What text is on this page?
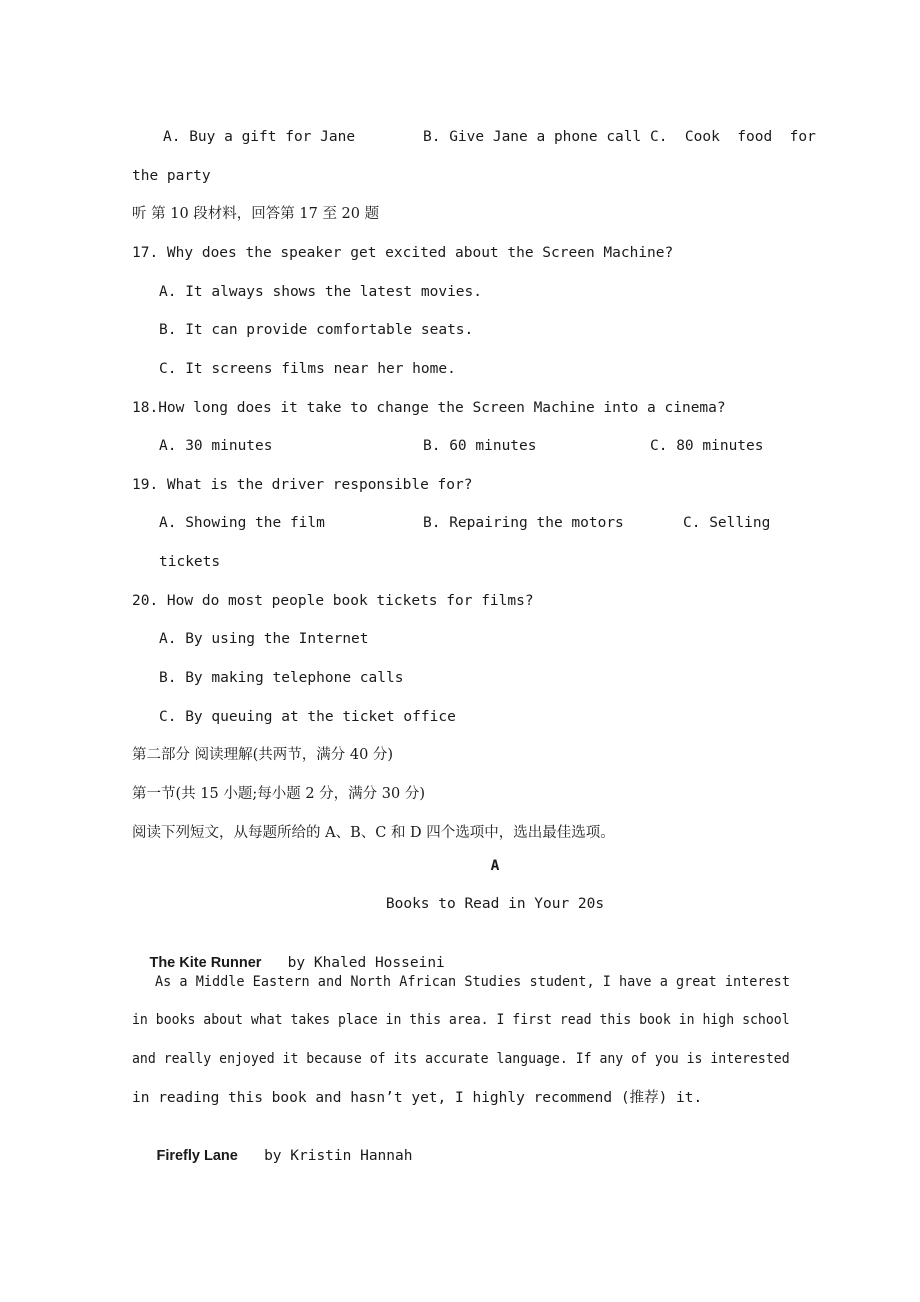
A. Buy a gift for Jane	B. Give Jane a phone call C.  Cook  food  for
the party
听 第 10 段材料，回答第 17 至 20 题
17. Why does the speaker get excited about the Screen Machine?
A. It always shows the latest movies.
B. It can provide comfortable seats.
C. It screens films near her home.
18.How long does it take to change the Screen Machine into a cinema?
A. 30 minutes	B. 60 minutes	C. 80 minutes
19. What is the driver responsible for?
A. Showing the film	B. Repairing the motors	C. Selling
tickets
20. How do most people book tickets for films?
A. By using the Internet
B. By making telephone calls
C. By queuing at the ticket office
第二部分 阅读理解(共两节，满分 40 分)
第一节(共 15 小题;每小题 2 分，满分 30 分)
阅读下列短文，从每题所给的 A、B、C 和 D 四个选项中，选出最佳选项。
A
Books to Read in Your 20s

The Kite Runner by Khaled Hosseini

As a Middle Eastern and North African Studies student, I have a great interest
in books about what takes place in this area. I first read this book in high school
and really enjoyed it because of its accurate language. If any of you is interested
in reading this book and hasn’t yet, I highly recommend (推荐) it.

Firefly Lane by Kristin Hannah
